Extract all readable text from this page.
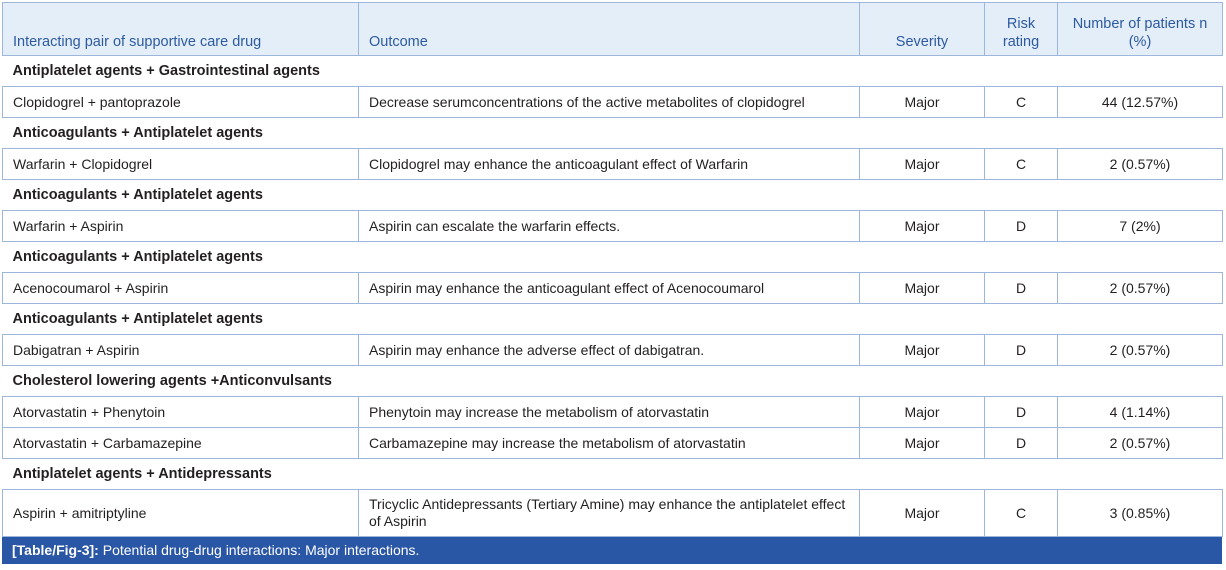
Interacting pair of supportive care drug	Outcome	Severity	Risk rating	Number of patients n (%)
Antiplatelet agents + Gastrointestinal agents				
Clopidogrel + pantoprazole	Decrease serumconcentrations of the active metabolites of clopidogrel	Major	C	44 (12.57%)
Anticoagulants + Antiplatelet agents				
Warfarin + Clopidogrel	Clopidogrel may enhance the anticoagulant effect of Warfarin	Major	C	2 (0.57%)
Anticoagulants + Antiplatelet agents				
Warfarin + Aspirin	Aspirin can escalate the warfarin effects.	Major	D	7 (2%)
Anticoagulants + Antiplatelet agents				
Acenocoumarol + Aspirin	Aspirin may enhance the anticoagulant effect of Acenocoumarol	Major	D	2 (0.57%)
Anticoagulants + Antiplatelet agents				
Dabigatran + Aspirin	Aspirin may enhance the adverse effect of dabigatran.	Major	D	2 (0.57%)
Cholesterol lowering agents +Anticonvulsants				
Atorvastatin + Phenytoin	Phenytoin may increase the metabolism of atorvastatin	Major	D	4 (1.14%)
Atorvastatin + Carbamazepine	Carbamazepine may increase the metabolism of atorvastatin	Major	D	2 (0.57%)
Antiplatelet agents + Antidepressants				
Aspirin + amitriptyline	Tricyclic Antidepressants (Tertiary Amine) may enhance the antiplatelet effect of Aspirin	Major	C	3 (0.85%)
[Table/Fig-3]: Potential drug-drug interactions: Major interactions.
